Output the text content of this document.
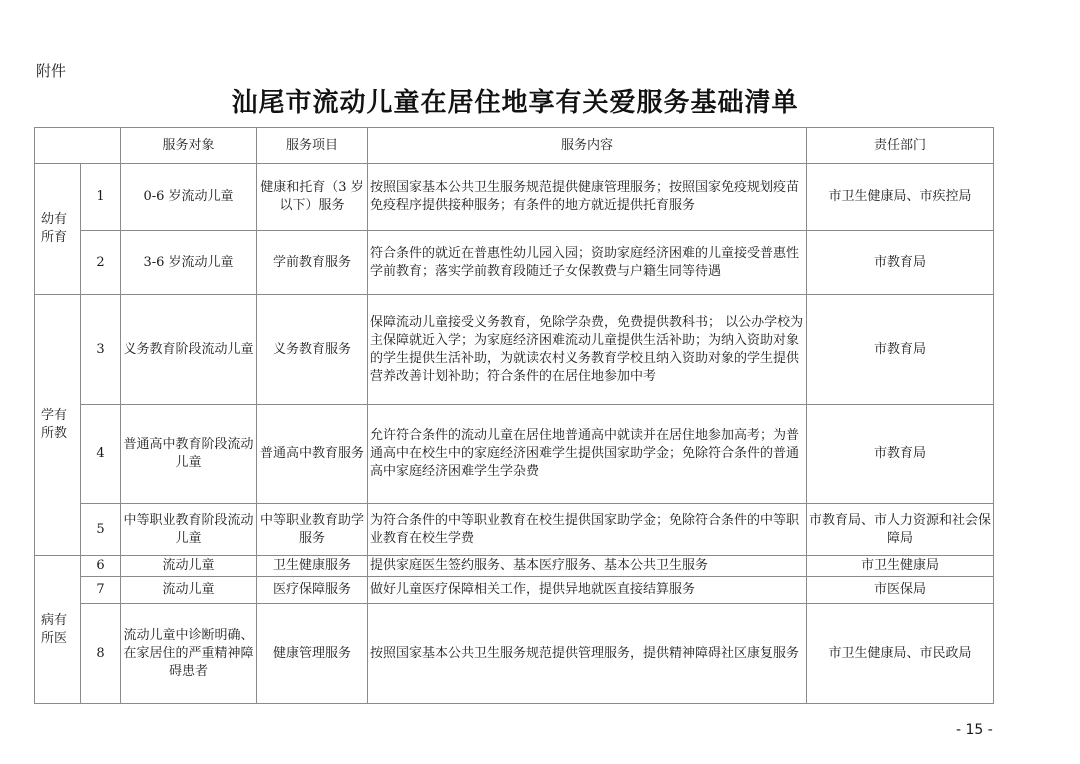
附件
汕尾市流动儿童在居住地享有关爱服务基础清单
		服务对象	服务项目	服务内容	责任部门
幼有所育	1	0-6 岁流动儿童	健康和托育（3 岁以下）服务	按照国家基本公共卫生服务规范提供健康管理服务；按照国家免疫规划疫苗免疫程序提供接种服务；有条件的地方就近提供托育服务	市卫生健康局、市疾控局
	2	3-6 岁流动儿童	学前教育服务	符合条件的就近在普惠性幼儿园入园；资助家庭经济困难的儿童接受普惠性学前教育；落实学前教育段随迁子女保教费与户籍生同等待遇	市教育局
学有所教	3	义务教育阶段流动儿童	义务教育服务	保障流动儿童接受义务教育，免除学杂费，免费提供教科书； 以公办学校为主保障就近入学；为家庭经济困难流动儿童提供生活补助；为纳入资助对象的学生提供生活补助，为就读农村义务教育学校且纳入资助对象的学生提供营养改善计划补助；符合条件的在居住地参加中考	市教育局
	4	普通高中教育阶段流动儿童	普通高中教育服务	允许符合条件的流动儿童在居住地普通高中就读并在居住地参加高考；为普通高中在校生中的家庭经济困难学生提供国家助学金；免除符合条件的普通高中家庭经济困难学生学杂费	市教育局
	5	中等职业教育阶段流动儿童	中等职业教育助学服务	为符合条件的中等职业教育在校生提供国家助学金；免除符合条件的中等职业教育在校生学费	市教育局、市人力资源和社会保障局
病有所医	6	流动儿童	卫生健康服务	提供家庭医生签约服务、基本医疗服务、基本公共卫生服务	市卫生健康局
	7	流动儿童	医疗保障服务	做好儿童医疗保障相关工作，提供异地就医直接结算服务	市医保局
	8	流动儿童中诊断明确、在家居住的严重精神障碍患者	健康管理服务	按照国家基本公共卫生服务规范提供管理服务，提供精神障碍社区康复服务	市卫生健康局、市民政局
- 15 -
